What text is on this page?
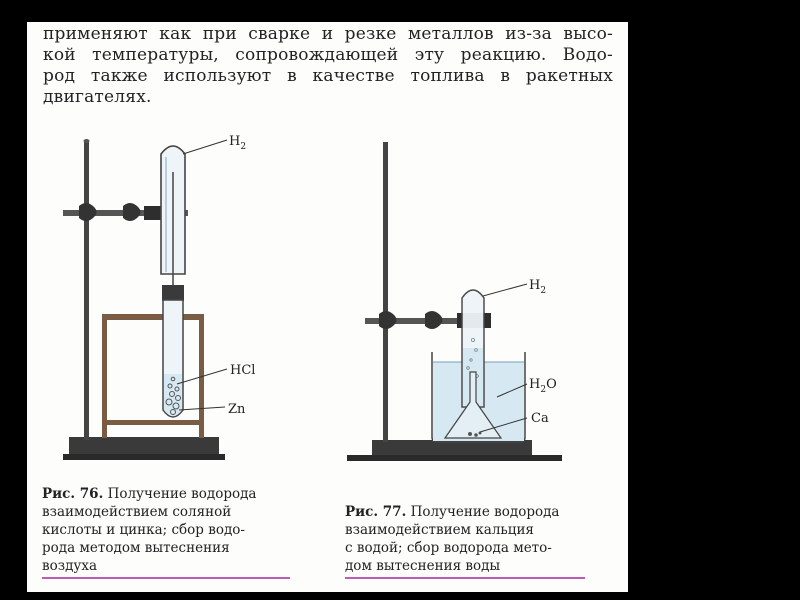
применяют как при сварке и резке металлов из-за высо-
кой температуры, сопровождающей эту реакцию. Водо-
род также используют в качестве топлива в ракетных
двигателях.
$H_2$
HCl
Zn
$H_2$
$H_2O$
Ca
Рис. 76. Получение водорода
взаимодействием соляной
кислоты и цинка; сбор водо-
рода методом вытеснения
воздуха
Рис. 77. Получение водорода
взаимодействием кальция
с водой; сбор водорода мето-
дом вытеснения воды
